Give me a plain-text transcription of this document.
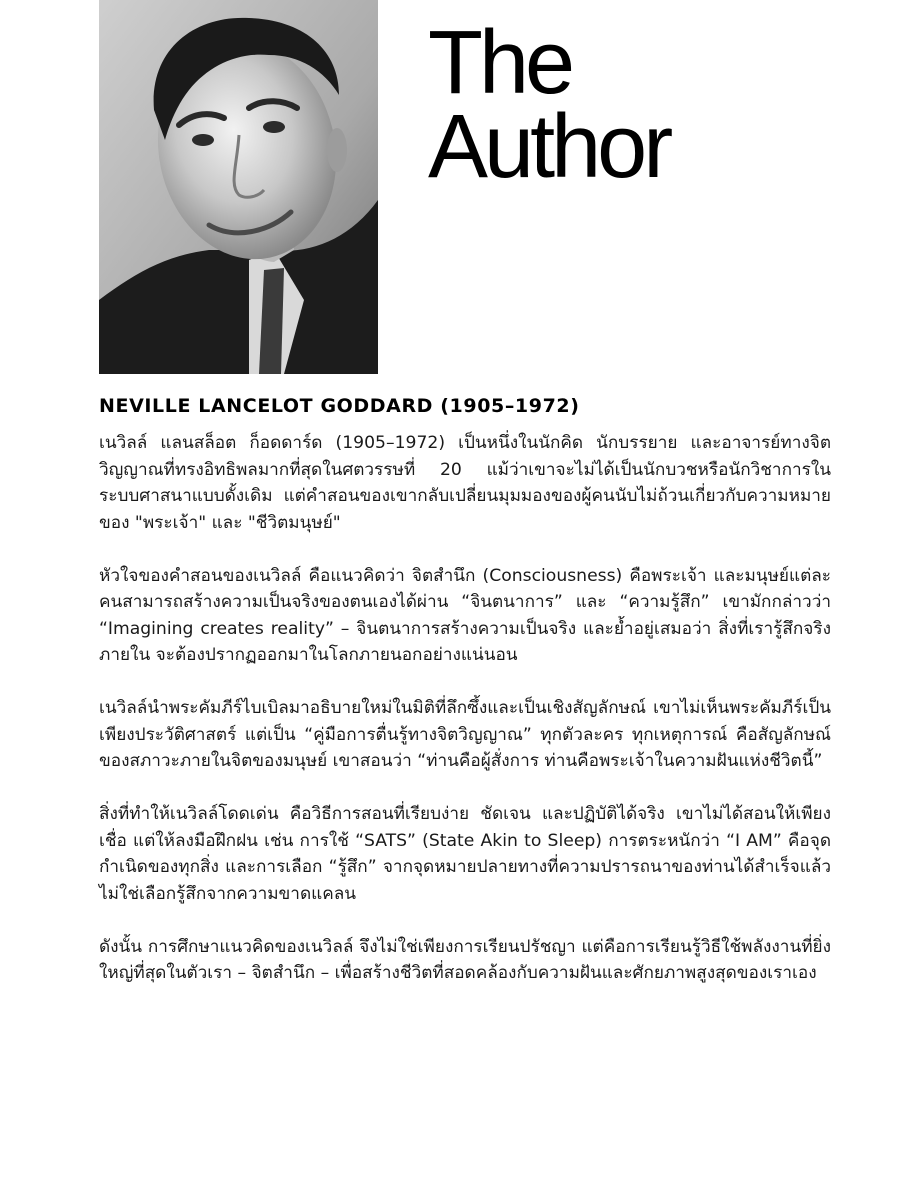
The
Author
NEVILLE LANCELOT GODDARD (1905–1972)

เนวิลล์ แลนสล็อต ก็อดดาร์ด (1905–1972) เป็นหนึ่งในนักคิด นักบรรยาย และอาจารย์ทางจิตวิญญาณที่ทรงอิทธิพลมากที่สุดในศตวรรษที่ 20 แม้ว่าเขาจะไม่ได้เป็นนักบวชหรือนักวิชาการในระบบศาสนาแบบดั้งเดิม แต่คำสอนของเขากลับเปลี่ยนมุมมองของผู้คนนับไม่ถ้วนเกี่ยวกับความหมายของ "พระเจ้า" และ "ชีวิตมนุษย์"

หัวใจของคำสอนของเนวิลล์ คือแนวคิดว่า จิตสำนึก (Consciousness) คือพระเจ้า และมนุษย์แต่ละคนสามารถสร้างความเป็นจริงของตนเองได้ผ่าน “จินตนาการ” และ “ความรู้สึก” เขามักกล่าวว่า “Imagining creates reality” – จินตนาการสร้างความเป็นจริง และย้ำอยู่เสมอว่า สิ่งที่เรารู้สึกจริงภายใน จะต้องปรากฏออกมาในโลกภายนอกอย่างแน่นอน

เนวิลล์นำพระคัมภีร์ไบเบิลมาอธิบายใหม่ในมิติที่ลึกซึ้งและเป็นเชิงสัญลักษณ์ เขาไม่เห็นพระคัมภีร์เป็นเพียงประวัติศาสตร์ แต่เป็น “คู่มือการตื่นรู้ทางจิตวิญญาณ” ทุกตัวละคร ทุกเหตุการณ์ คือสัญลักษณ์ของสภาวะภายในจิตของมนุษย์ เขาสอนว่า “ท่านคือผู้สั่งการ ท่านคือพระเจ้าในความฝันแห่งชีวิตนี้”

สิ่งที่ทำให้เนวิลล์โดดเด่น คือวิธีการสอนที่เรียบง่าย ชัดเจน และปฏิบัติได้จริง เขาไม่ได้สอนให้เพียงเชื่อ แต่ให้ลงมือฝึกฝน เช่น การใช้ “SATS” (State Akin to Sleep) การตระหนักว่า “I AM” คือจุดกำเนิดของทุกสิ่ง และการเลือก “รู้สึก” จากจุดหมายปลายทางที่ความปรารถนาของท่านได้สำเร็จแล้ว ไม่ใช่เลือกรู้สึกจากความขาดแคลน

ดังนั้น การศึกษาแนวคิดของเนวิลล์ จึงไม่ใช่เพียงการเรียนปรัชญา แต่คือการเรียนรู้วิธีใช้พลังงานที่ยิ่งใหญ่ที่สุดในตัวเรา – จิตสำนึก – เพื่อสร้างชีวิตที่สอดคล้องกับความฝันและศักยภาพสูงสุดของเราเอง
